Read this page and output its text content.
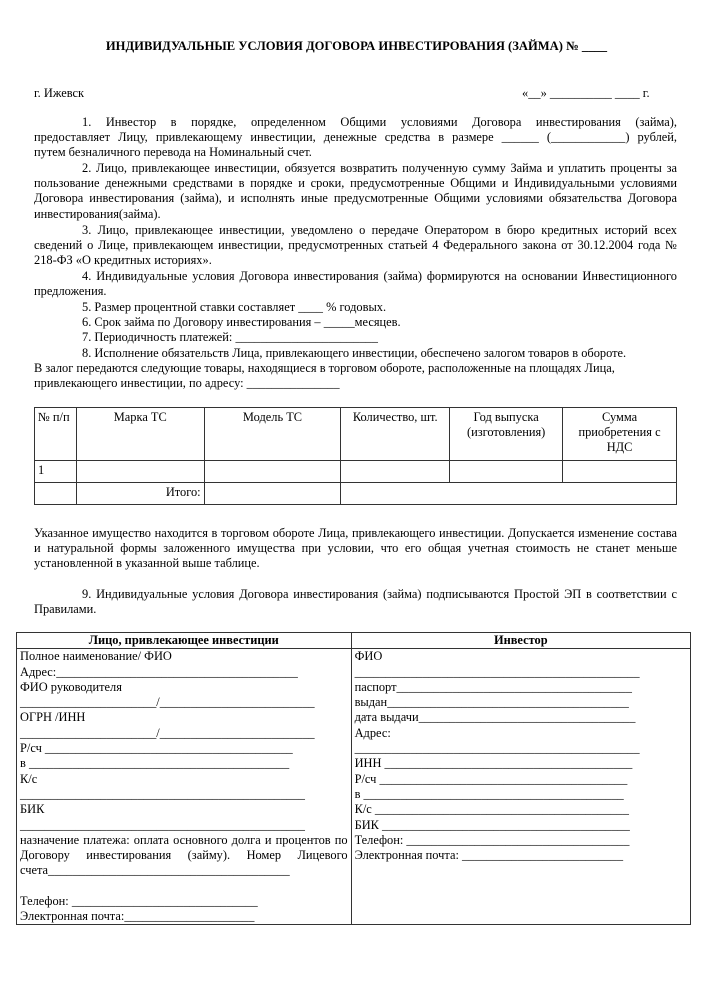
ИНДИВИДУАЛЬНЫЕ УСЛОВИЯ ДОГОВОРА ИНВЕСТИРОВАНИЯ (ЗАЙМА) № ____
г. Ижевск	«__» __________ ____ г.
1. Инвестор в порядке, определенном Общими условиями Договора инвестирования (займа),
предоставляет Лицу, привлекающему инвестиции, денежные средства в размере ______ (____________) рублей,
путем безналичного перевода на Номинальный счет.
2. Лицо, привлекающее инвестиции, обязуется возвратить полученную сумму Займа и уплатить проценты за пользование денежными средствами в порядке и сроки, предусмотренные Общими и Индивидуальными условиями Договора инвестирования (займа), и исполнять иные предусмотренные Общими условиями обязательства Договора инвестирования(займа).
3. Лицо, привлекающее инвестиции, уведомлено о передаче Оператором в бюро кредитных историй всех сведений о Лице, привлекающем инвестиции, предусмотренных статьей 4 Федерального закона от 30.12.2004 года № 218-ФЗ «О кредитных историях».
4. Индивидуальные условия Договора инвестирования (займа) формируются на основании Инвестиционного предложения.
5. Размер процентной ставки составляет ____ % годовых.
6. Срок займа по Договору инвестирования – _____месяцев.
7. Периодичность платежей: _______________________
8. Исполнение обязательств Лица, привлекающего инвестиции, обеспечено залогом товаров в обороте.
В залог передаются следующие товары, находящиеся в торговом обороте, расположенные на площадях Лица,
привлекающего инвестиции, по адресу: _______________
№ п/п	Марка ТС	Модель ТС	Количество, шт.	Год выпуска (изготовления)	Сумма приобретения с НДС
1					
	Итого:				
Указанное имущество находится в торговом обороте Лица, привлекающего инвестиции. Допускается изменение состава и натуральной формы заложенного имущества при условии, что его общая учетная стоимость не станет меньше установленной в указанной выше таблице.
9. Индивидуальные условия Договора инвестирования (займа) подписываются Простой ЭП в соответствии с Правилами.
Лицо, привлекающее инвестиции	Инвестор

Полное наименование/ ФИО
Адрес:_______________________________________
ФИО руководителя
______________________/_________________________
ОГРН /ИНН
______________________/_________________________
Р/сч ________________________________________
в __________________________________________
К/с
______________________________________________
БИК
______________________________________________
назначение платежа: оплата основного долга и процентов по Договору инвестирования (займу). Номер Лицевого счета_______________________________________
Телефон: ______________________________
Электронная почта:_____________________

ФИО
______________________________________________
паспорт______________________________________
выдан_______________________________________
дата выдачи___________________________________
Адрес:
______________________________________________
ИНН ________________________________________
Р/сч ________________________________________
в __________________________________________
К/с _________________________________________
БИК ________________________________________
Телефон: ____________________________________
Электронная почта: __________________________
